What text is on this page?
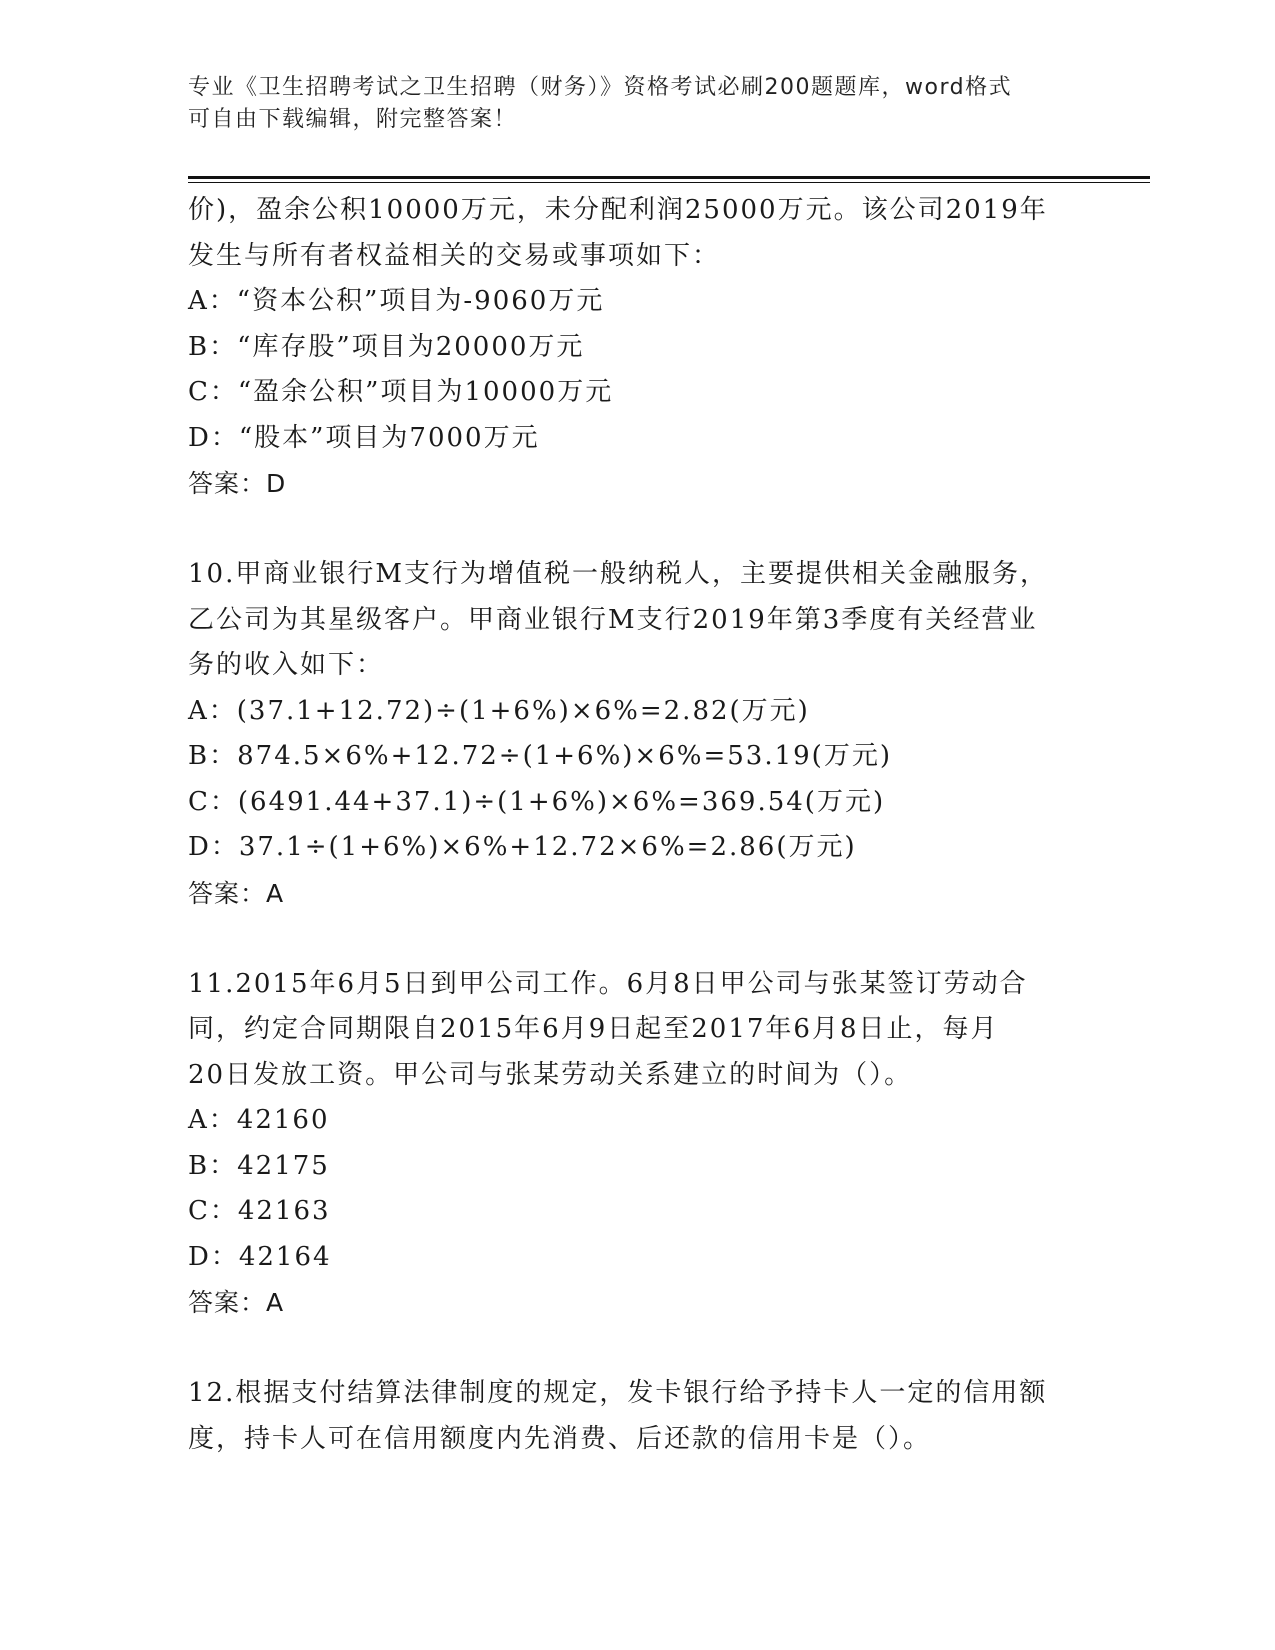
专业《卫生招聘考试之卫生招聘（财务）》资格考试必刷200题题库，word格式
可自由下载编辑，附完整答案！
价)，盈余公积10000万元，未分配利润25000万元。该公司2019年
发生与所有者权益相关的交易或事项如下：
A：“资本公积”项目为-9060万元
B：“库存股”项目为20000万元
C：“盈余公积”项目为10000万元
D：“股本”项目为7000万元
答案：D
10.甲商业银行M支行为增值税一般纳税人，主要提供相关金融服务，
乙公司为其星级客户。甲商业银行M支行2019年第3季度有关经营业
务的收入如下：
A：(37.1+12.72)÷(1+6%)×6%=2.82(万元)
B：874.5×6%+12.72÷(1+6%)×6%=53.19(万元)
C：(6491.44+37.1)÷(1+6%)×6%=369.54(万元)
D：37.1÷(1+6%)×6%+12.72×6%=2.86(万元)
答案：A
11.2015年6月5日到甲公司工作。6月8日甲公司与张某签订劳动合
同，约定合同期限自2015年6月9日起至2017年6月8日止，每月
20日发放工资。甲公司与张某劳动关系建立的时间为（）。
A：42160
B：42175
C：42163
D：42164
答案：A
12.根据支付结算法律制度的规定，发卡银行给予持卡人一定的信用额
度，持卡人可在信用额度内先消费、后还款的信用卡是（）。
